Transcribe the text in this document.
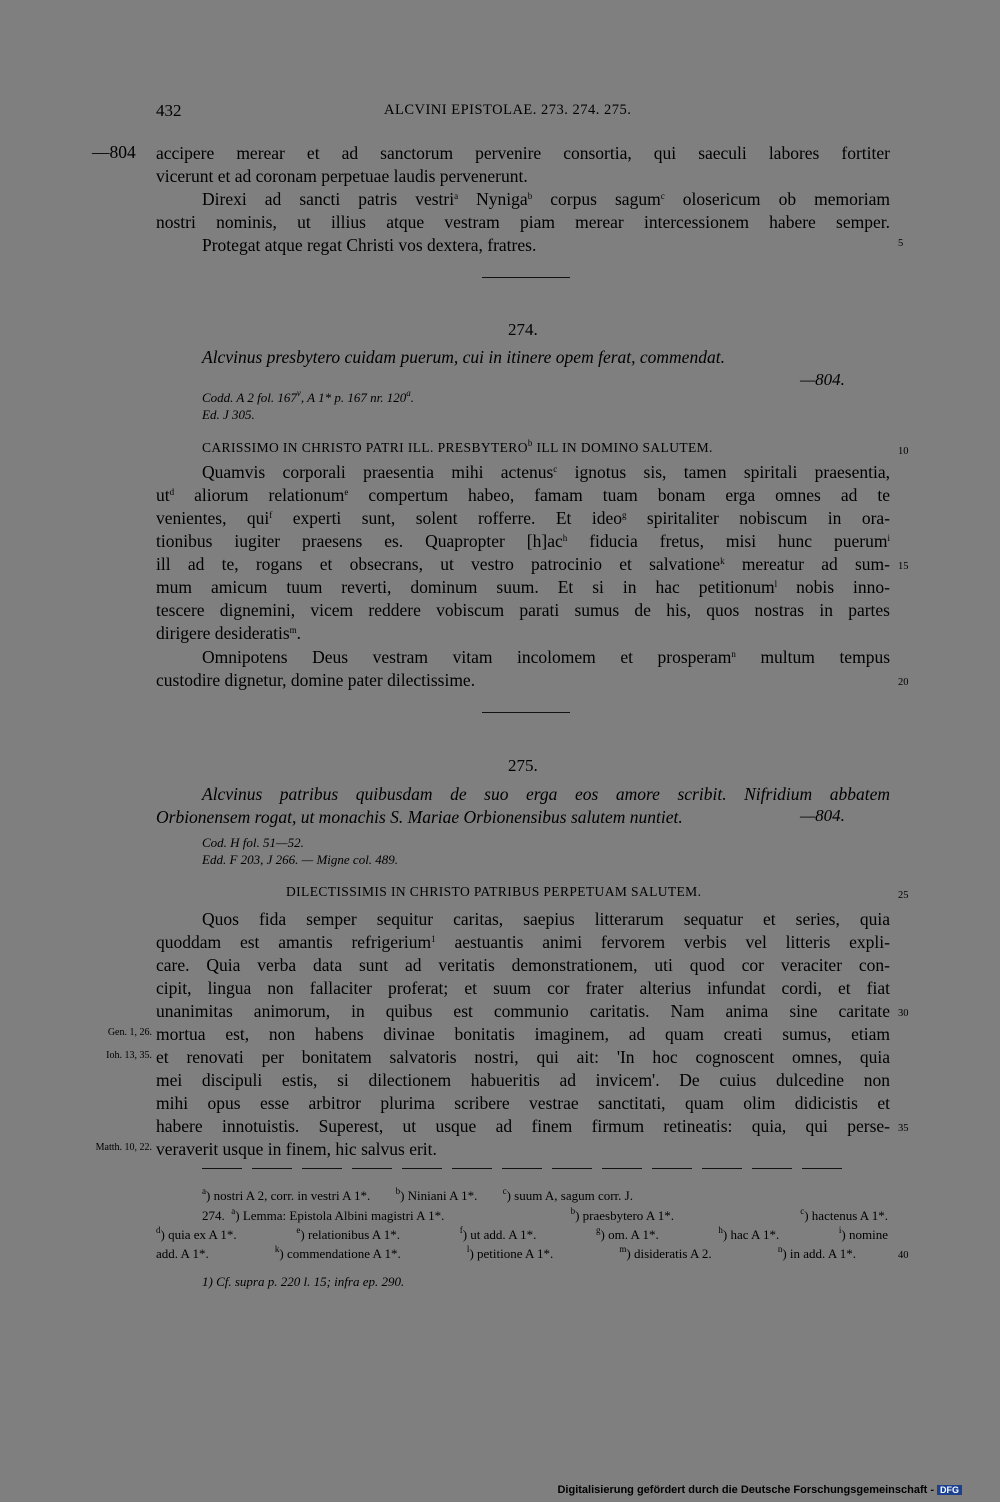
432	ALCVINI EPISTOLAE. 273. 274. 275.
—804 accipere merear et ad sanctorum pervenire consortia, qui saeculi labores fortiter
vicerunt et ad coronam perpetuae laudis pervenerunt.
Direxi ad sancti patris vestri$^a$ Nyniga$^b$ corpus sagum$^c$ olosericum ob memoriam
nostri nominis, ut illius atque vestram piam merear intercessionem habere semper.
Protegat atque regat Christi vos dextera, fratres.	5
274.
Alcvinus presbytero cuidam puerum, cui in itinere opem ferat, commendat.
—804.
Codd. A 2 fol. 167$^v$, A 1* p. 167 nr. 120$^a$.
Ed. J 305.
CARISSIMO IN CHRISTO PATRI ILL. PRESBYTERO$^b$ ILL IN DOMINO SALUTEM.	10
Quamvis corporali praesentia mihi actenus$^c$ ignotus sis, tamen spiritali praesentia,
$ut^d$ aliorum relationum$^e$ compertum habeo, famam tuam bonam erga omnes ad te
venientes, qui$^f$ experti sunt, solent rofferre. Et ideo$^g$ spiritaliter nobiscum in ora-
tionibus iugiter praesens es. Quapropter $[h]ac^h$ fiducia fretus, misi hunc puerum$^i$
ill ad te, rogans et obsecrans, ut vestro patrocinio et salvatione$^k$ mereatur ad sum- 15
mum amicum tuum reverti, dominum suum. Et si in hac petitionum$^l$ nobis inno-
tescere dignemini, vicem reddere vobiscum parati sumus de his, quos nostras in partes
dirigere desideratis$^m$.
Omnipotens Deus vestram vitam incolomem et prosperam$^n$ multum tempus
custodire dignetur, domine pater dilectissime.	20
275.
Alcvinus patribus quibusdam de suo erga eos amore scribit. Nifridium abbatem
Orbionensem rogat, ut monachis S. Mariae Orbionensibus salutem nuntiet.	—804.
Cod. H fol. 51—52.
Edd. F 203, J 266. — Migne col. 489.
DILECTISSIMIS IN CHRISTO PATRIBUS PERPETUAM SALUTEM.	25
Quos fida semper sequitur caritas, saepius litterarum sequatur et series, quia
quoddam est amantis refrigerium$^1$ aestuantis animi fervorem verbis vel litteris expli-
care. Quia verba data sunt ad veritatis demonstrationem, uti quod cor veraciter con-
cipit, lingua non fallaciter proferat; et suum cor frater alterius infundat cordi, et fiat
unanimitas animorum, in quibus est communio caritatis. Nam anima sine caritate 30
Gen. 1, 26. mortua est, non habens divinae bonitatis imaginem, ad quam creati sumus, etiam
Ioh. 13, 35. et renovati per bonitatem salvatoris nostri, qui ait: 'In hoc cognoscent omnes, quia
mei discipuli estis, si dilectionem habueritis ad invicem'. De cuius dulcedine non
mihi opus esse arbitror plurima scribere vestrae sanctitati, quam olim didicistis et
habere innotuistis. Superest, ut usque ad finem firmum retineatis: quia, qui perse- 35
Matth. 10, 22. veraverit usque in finem, hic salvus erit.
$^a$) nostri A 2, corr. in vestri A 1*.	$^b$) Niniani A 1*.	$^c$) suum A, sagum corr. J.
274. $^a$) Lemma: Epistola Albini magistri A 1*.	$^b$) praesbytero A 1*.	$^c$) hactenus A 1*.
$^d$) quia ex A 1*.	$^e$) relationibus A 1*.	$^f$) ut add. A 1*.	$^g$) om. A 1*.	$^h$) hac A 1*.	$^i$) nomine
add. A 1*.	$^k$) commendatione A 1*.	$^l$) petitione A 1*.	$^m$) disideratis A 2.	$^n$) in add. A 1*.	40
1) Cf. supra p. 220 l. 15; infra ep. 290.
Digitalisierung gefördert durch die Deutsche Forschungsgemeinschaft - DFG
